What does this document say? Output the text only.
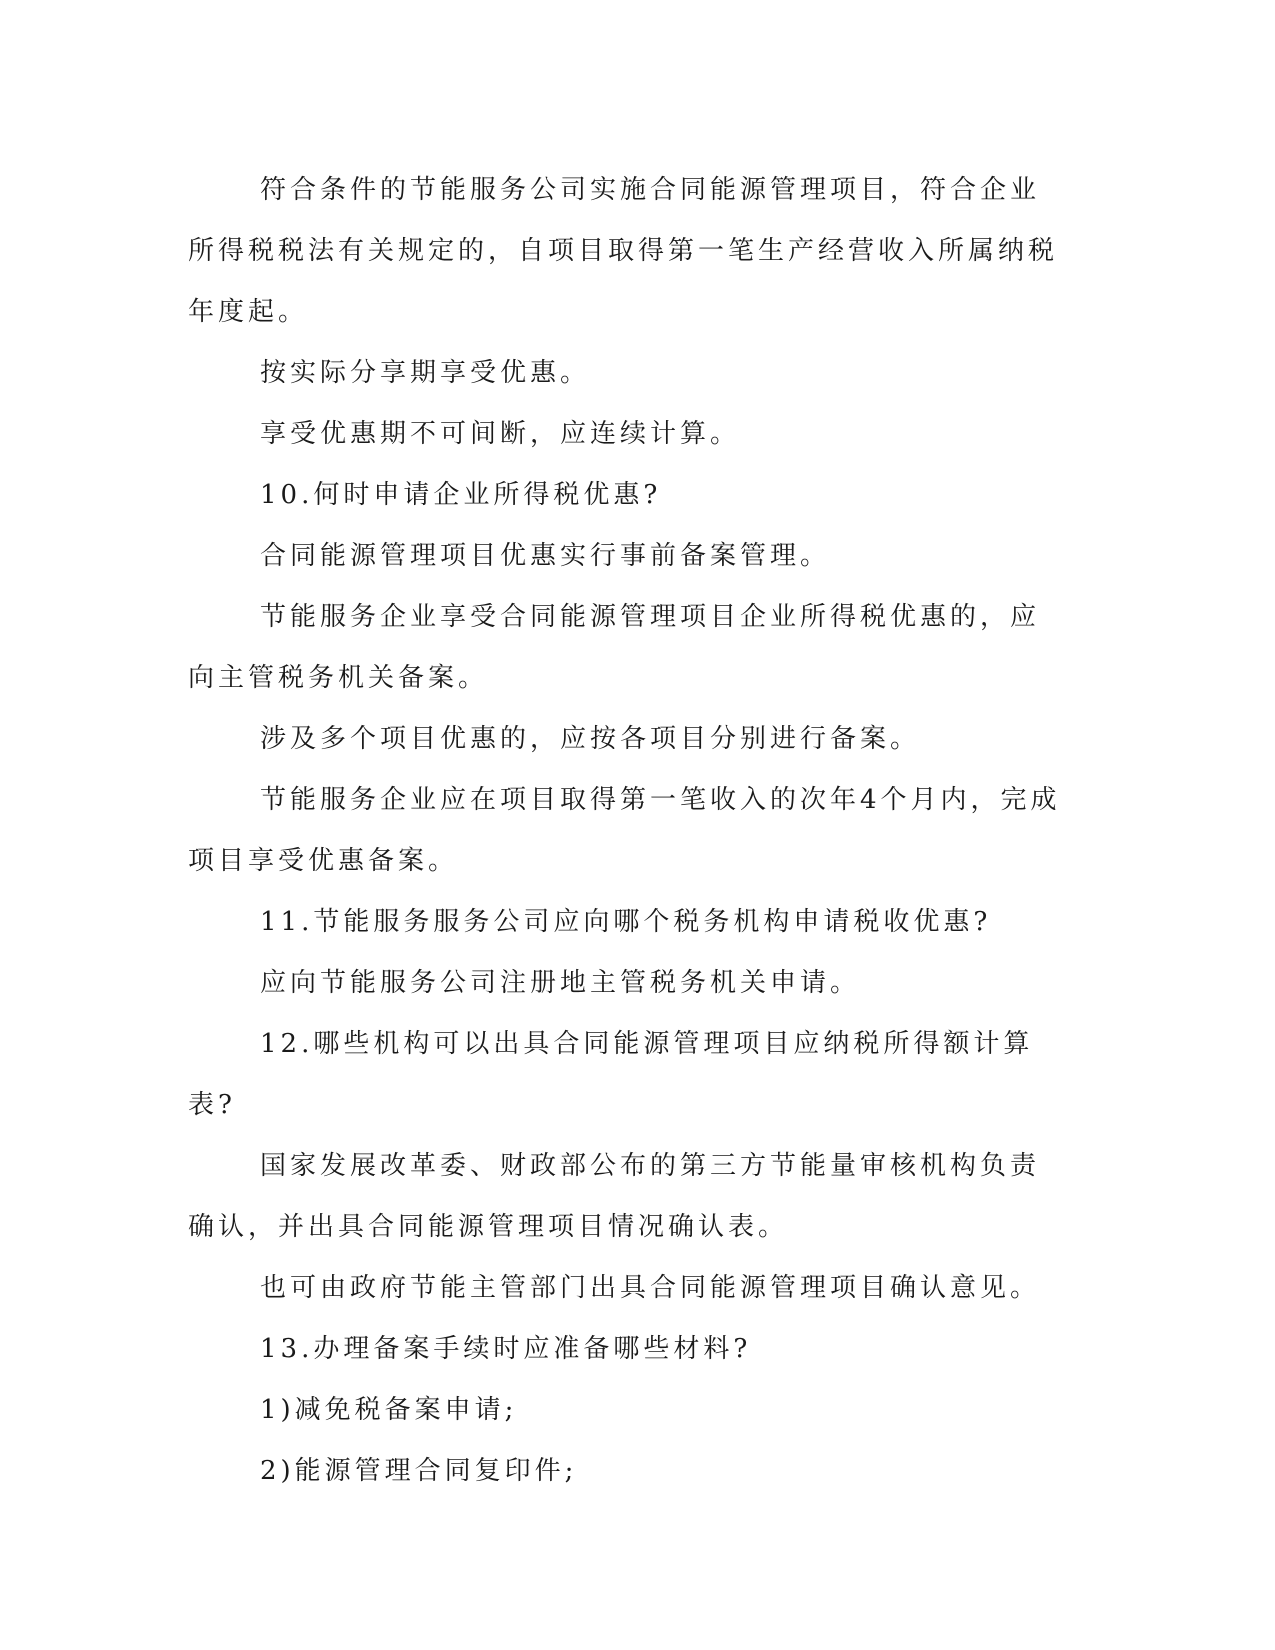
符合条件的节能服务公司实施合同能源管理项目，符合企业所得税税法有关规定的，自项目取得第一笔生产经营收入所属纳税年度起。

按实际分享期享受优惠。

享受优惠期不可间断，应连续计算。

10.何时申请企业所得税优惠?

合同能源管理项目优惠实行事前备案管理。

节能服务企业享受合同能源管理项目企业所得税优惠的，应向主管税务机关备案。

涉及多个项目优惠的，应按各项目分别进行备案。

节能服务企业应在项目取得第一笔收入的次年4个月内，完成项目享受优惠备案。

11.节能服务服务公司应向哪个税务机构申请税收优惠?

应向节能服务公司注册地主管税务机关申请。

12.哪些机构可以出具合同能源管理项目应纳税所得额计算表?

国家发展改革委、财政部公布的第三方节能量审核机构负责确认，并出具合同能源管理项目情况确认表。

也可由政府节能主管部门出具合同能源管理项目确认意见。

13.办理备案手续时应准备哪些材料?

1)减免税备案申请;

2)能源管理合同复印件;
